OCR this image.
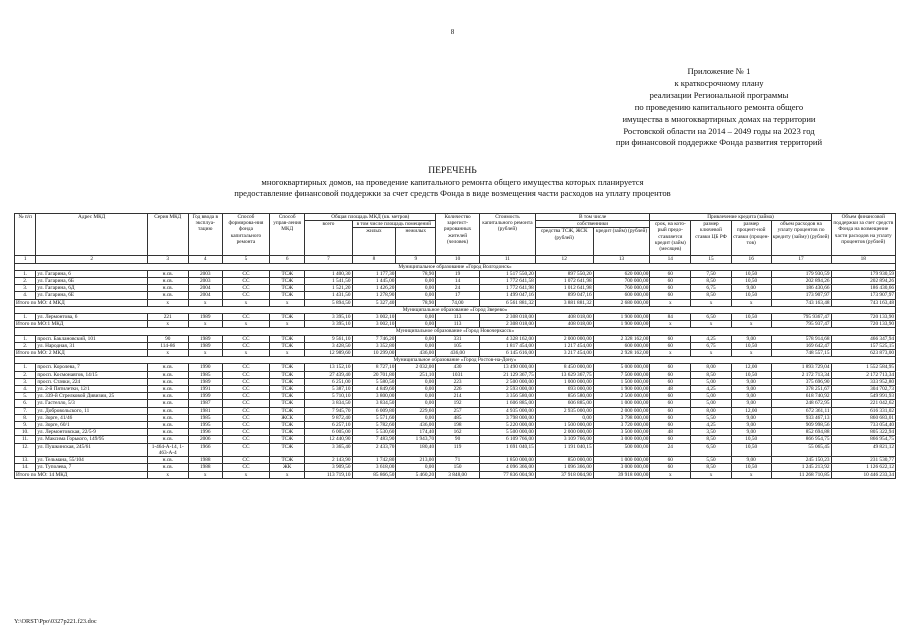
8
Приложение № 1
к краткосрочному плану
реализации Региональной программы
по проведению капитального ремонта общего
имущества в многоквартирных домах на территории
Ростовской области на 2014 – 2049 годы на 2023 год
при финансовой поддержке Фонда развития территорий
ПЕРЕЧЕНЬ
многоквартирных домов, на проведение капитального ремонта общего имущества которых планируется
предоставление финансовой поддержки за счет средств Фонда в виде возмещения части расходов на уплату процентов
№ п/п	Адрес МКД	Серия МКД	Год ввода в эксплуа-тацию	Способ формирова-ния фонда капитального ремонта	Способ управ-ления МКД	Общая площадь МКД (кв. метров)			Количество зарегист-рированных жителей (человек)	Стоимость капитального ремонта (рублей)	В том числе		Привлечение кредита (займа)				Объем финансовой поддержки за счет средств Фонда на возмещение части расходов на уплату процентов (рублей)
						всего	в том числе площадь помещений				собственники		срок, на кото-рый предо-ставляется кредит (займ) (месяцев)	размер ключевой ставки ЦБ РФ	размер процент-ной ставки (процен-тов)	объем расходов на уплату процентов по кредиту (займу) (рублей)	
							жилых	нежилых			средства ТСЖ, ЖСК (рублей)	кредит (займ) (рублей)					

1	2	3	4	5	6	7	8	9	10	11	12	13	14	15	16	17	18
Муниципальное образование «Город Волгодонск»																	
1.	ул. Гагарина, 6	н.св.	2003	СС	ТСЖ	1 400,30	1 177,30	78,90	19	1 517 550,20	897 550,20	620 000,00	60	7,50	10,50	179 930,59	179 930,59
2.	ул. Гагарина, 6Б	н.св.	2003	СС	ТСЖ	1 541,50	1 445,00	0,00	14	1 772 641,58	1 072 641,98	700 000,00	60	8,50	10,50	202 894,26	202 894,26
3.	ул. Гагарина, 6Д	н.св.	2004	СС	ТСЖ	1 521,20	1 426,20	0,00	24	1 772 641,98	1 012 641,98	760 000,00	60	6,75	9,00	186 430,66	186 430,66
4.	ул. Гагарина, 6Е	н.св.	2004	СС	ТСЖ	1 431,50	1 278,90	0,00	17	1 499 047,16	899 047,16	600 000,00	60	8,50	10,50	173 907,97	173 907,97
Итого по МО: 4 МКД		х	х	х	х	5 894,50	5 327,40	78,90	74,00	6 561 881,32	3 881 881,32	2 680 000,00	х	х	х	743 163,48	743 163,48
Муниципальное образование «Город Зверево»																	
1.	ул. Лермонтова, 6	221	1989	СС	ТСЖ	3 395,10	3 002,10	0,00	113	2 308 018,00	408 018,00	1 900 000,00	84	6,50	10,50	795 9367,47	720 133,90
Итого по МО:1 МКД		х	х	х	х	3 395,10	3 002,10	0,00	113	2 308 018,00	408 018,00	1 900 000,00	х	х	х	795 937,47	720 133,90
Муниципальное образование «Город Новочеркасск»																	
1.	просп. Баклановский, 101	90	1989	СС	ТСЖ	9 561,10	7 746,20	0,00	331	4 328 162,00	2 000 000,00	2 328 162,00	60	4,25	9,00	578 914,68	466 347,94
2.	ул. Народная, 31	114-86	1989	СС	ТСЖ	3 428,50	3 352,80	0,00	105	1 817 454,00	1 217 454,00	600 000,00	60	6,75	10,50	169 642,47	157 525,15
Итого по МО: 2 МКД		х	х	х	х	12 989,60	10 299,00	436,00	436,00	6 145 616,00	3 217 454,00	2 928 162,00	х	х	х	748 557,15	623 873,00
Муниципальное образование «Город Ростов-на-Дону»																	
1.	просп. Королева, 7	н.св.	1990	СС	ТСЖ	13 152,10	8 727,10	2 032,00	430	13 490 000,00	8 450 000,00	5 000 000,00	60	8,00	12,00	1 893 729,04	1 552 584,95
2.	просп. Космонавтов, 14/15	н.св.	1985	СС	ТСЖ	27 439,40	20 701,80	251,10	1031	21 129 367,75	13 629 367,75	7 500 000,00	60	8,50	10,50	2 172 713,34	2 172 713,34
3.	просп. Стачки, 224	н.св.	1989	СС	ТСЖ	6 251,00	5 580,50	0,00	223	2 500 000,00	1 000 000,00	1 500 000,00	60	5,00	9,00	375 696,90	333 952,80
4.	ул. 2-й Пятилетки, 12/1	н.св.	1991	СС	ТСЖ	5 387,10	4 849,60	0,00	226	2 593 000,00	693 000,00	1 900 000,00	48	4,25	9,00	378 251,67	304 702,73
5.	ул. 339-й Стрелковой Дивизии, 25	н.св.	1999	СС	ТСЖ	5 710,10	3 800,00	0,00	214	3 356 580,00	856 580,00	2 500 000,00	60	5,00	9,00	618 740,92	549 991,93
6.	ул. Гастелло, 5/3	н.св.	1987	СС	ТСЖ	3 834,50	3 834,50	0,00	192	1 606 885,00	606 885,00	1 000 000,00	60	5,00	9,00	248 672,95	221 042,62
7.	ул. Добровольского, 11	н.св.	1981	СС	ТСЖ	7 945,70	6 009,80	229,60	257	4 935 000,00	2 935 000,00	2 000 000,00	60	8,00	12,00	672 361,11	616 331,02
8.	ул. Зорге, 41/46	н.св.	1985	СС	ЖСК	9 872,40	5 571,60	0,00	485	3 798 000,00	0,00	3 798 000,00	60	5,50	9,00	933 467,13	860 683,01
9.	ул. Зорге, 60/1	н.св.	1995	СС	ТСЖ	6 257,10	5 782,60	436,00	198	5 220 000,00	1 500 000,00	3 720 000,00	60	4,25	9,00	909 998,56	733 054,40
10.	ул. Лермонтовская, 22/5-9	н.св.	1996	СС	ТСЖ	6 005,00	5 530,60	174,40	162	5 500 000,00	2 000 000,00	3 500 000,00	48	3,50	9,00	852 694,88	805 322,94
11.	ул. Максима Горького, 149/95	н.св.	2006	СС	ТСЖ	12 440,90	7 483,90	1 943,70	90	6 109 766,00	3 109 766,00	3 000 000,00	60	8,50	10,50	866 954,75	866 954,75
12.	ул. Пушкинская, 245/61	1-464-А-14, 1-463-А-4	1966	СС	ТСЖ	3 365,40	2 433,70	180,40	119	1 691 040,15	1 191 040,15	500 000,00	24	6,50	10,50	55 065,45	49 821,12
13.	ул. Тельмана, 55/104	н.св.	1988	СС	ТСЖ	2 143,90	1 742,80	213,00	71	1 850 000,00	850 000,00	1 000 000,00	60	5,50	9,00	245 150,23	231 530,77
14.	ул. Туполева, 7	н.св.	1988	СС	ЖК	3 909,50	3 618,00	0,00	150	4 096 366,00	1 096 366,00	3 000 000,00	60	8,50	10,50	1 245 213,92	1 126 622,12
Итого по МО: 14 МКД		х	х	х	х	113 719,10	85 866,50	5 460,20	3 848,00	77 836 004,90	37 918 004,90	39 918 000,00	х	х	х	11 268 710,85	10 446 233,34
Y:\ORST\Ppo\0327p221.f23.doc
